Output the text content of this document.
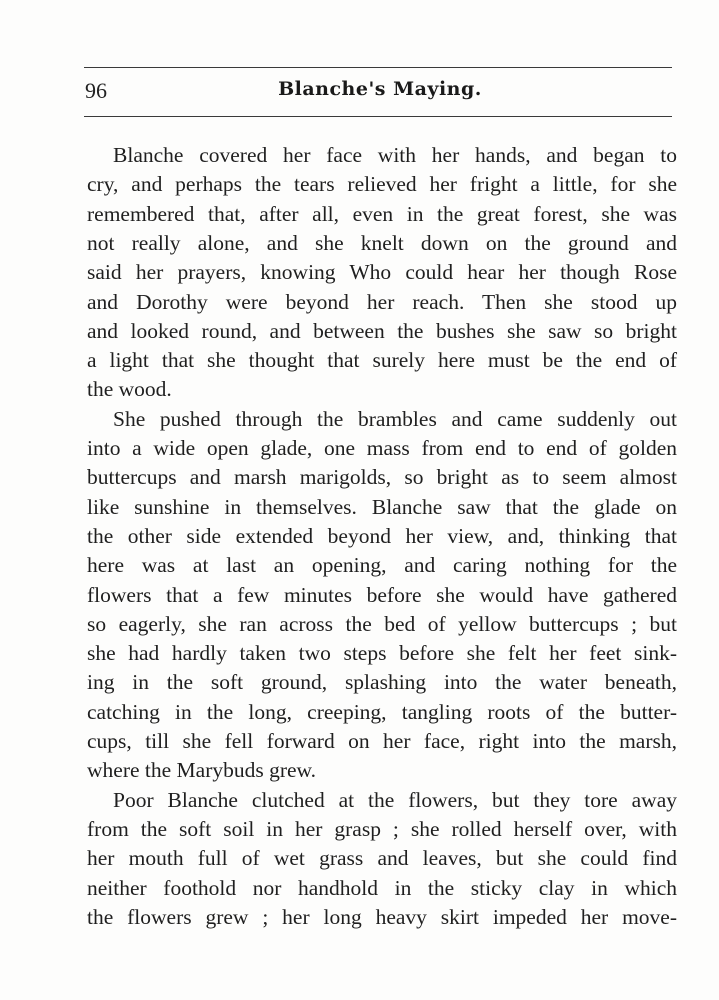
96	Blanche's Maying.
Blanche covered her face with her hands, and began to
cry, and perhaps the tears relieved her fright a little, for she
remembered that, after all, even in the great forest, she was
not really alone, and she knelt down on the ground and
said her prayers, knowing Who could hear her though Rose
and Dorothy were beyond her reach. Then she stood up
and looked round, and between the bushes she saw so bright
a light that she thought that surely here must be the end of
the wood.
She pushed through the brambles and came suddenly out
into a wide open glade, one mass from end to end of golden
buttercups and marsh marigolds, so bright as to seem almost
like sunshine in themselves. Blanche saw that the glade on
the other side extended beyond her view, and, thinking that
here was at last an opening, and caring nothing for the
flowers that a few minutes before she would have gathered
so eagerly, she ran across the bed of yellow buttercups ; but
she had hardly taken two steps before she felt her feet sink-
ing in the soft ground, splashing into the water beneath,
catching in the long, creeping, tangling roots of the butter-
cups, till she fell forward on her face, right into the marsh,
where the Marybuds grew.
Poor Blanche clutched at the flowers, but they tore away
from the soft soil in her grasp ; she rolled herself over, with
her mouth full of wet grass and leaves, but she could find
neither foothold nor handhold in the sticky clay in which
the flowers grew ; her long heavy skirt impeded her move-
